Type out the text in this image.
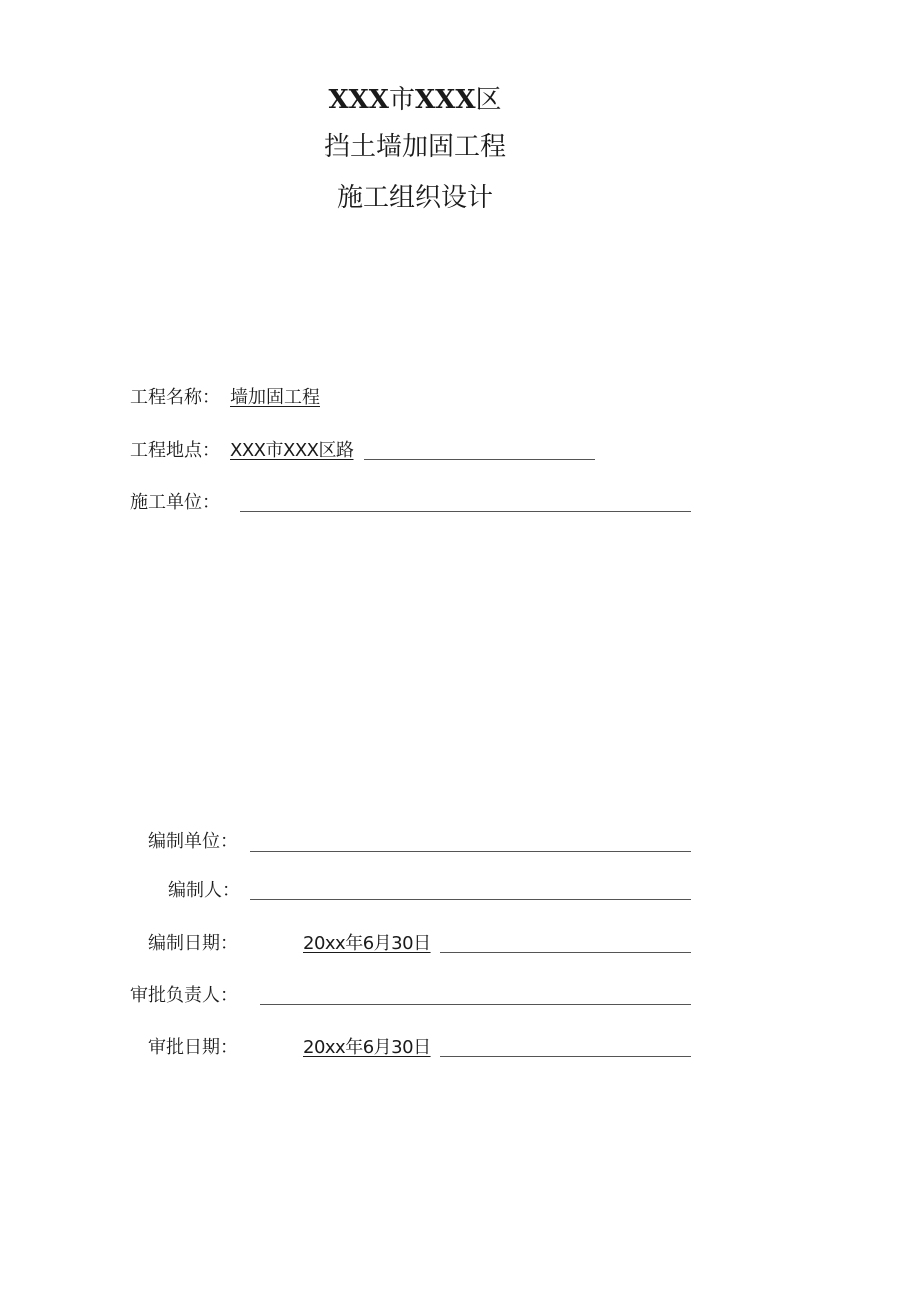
XXX市XXX区
挡土墙加固工程
施工组织设计
工程名称： 墙加固工程
工程地点： XXX市XXX区路
施工单位：
编制单位：
编制人：
编制日期：	20xx年6月30日
审批负责人：
审批日期：	20xx年6月30日
